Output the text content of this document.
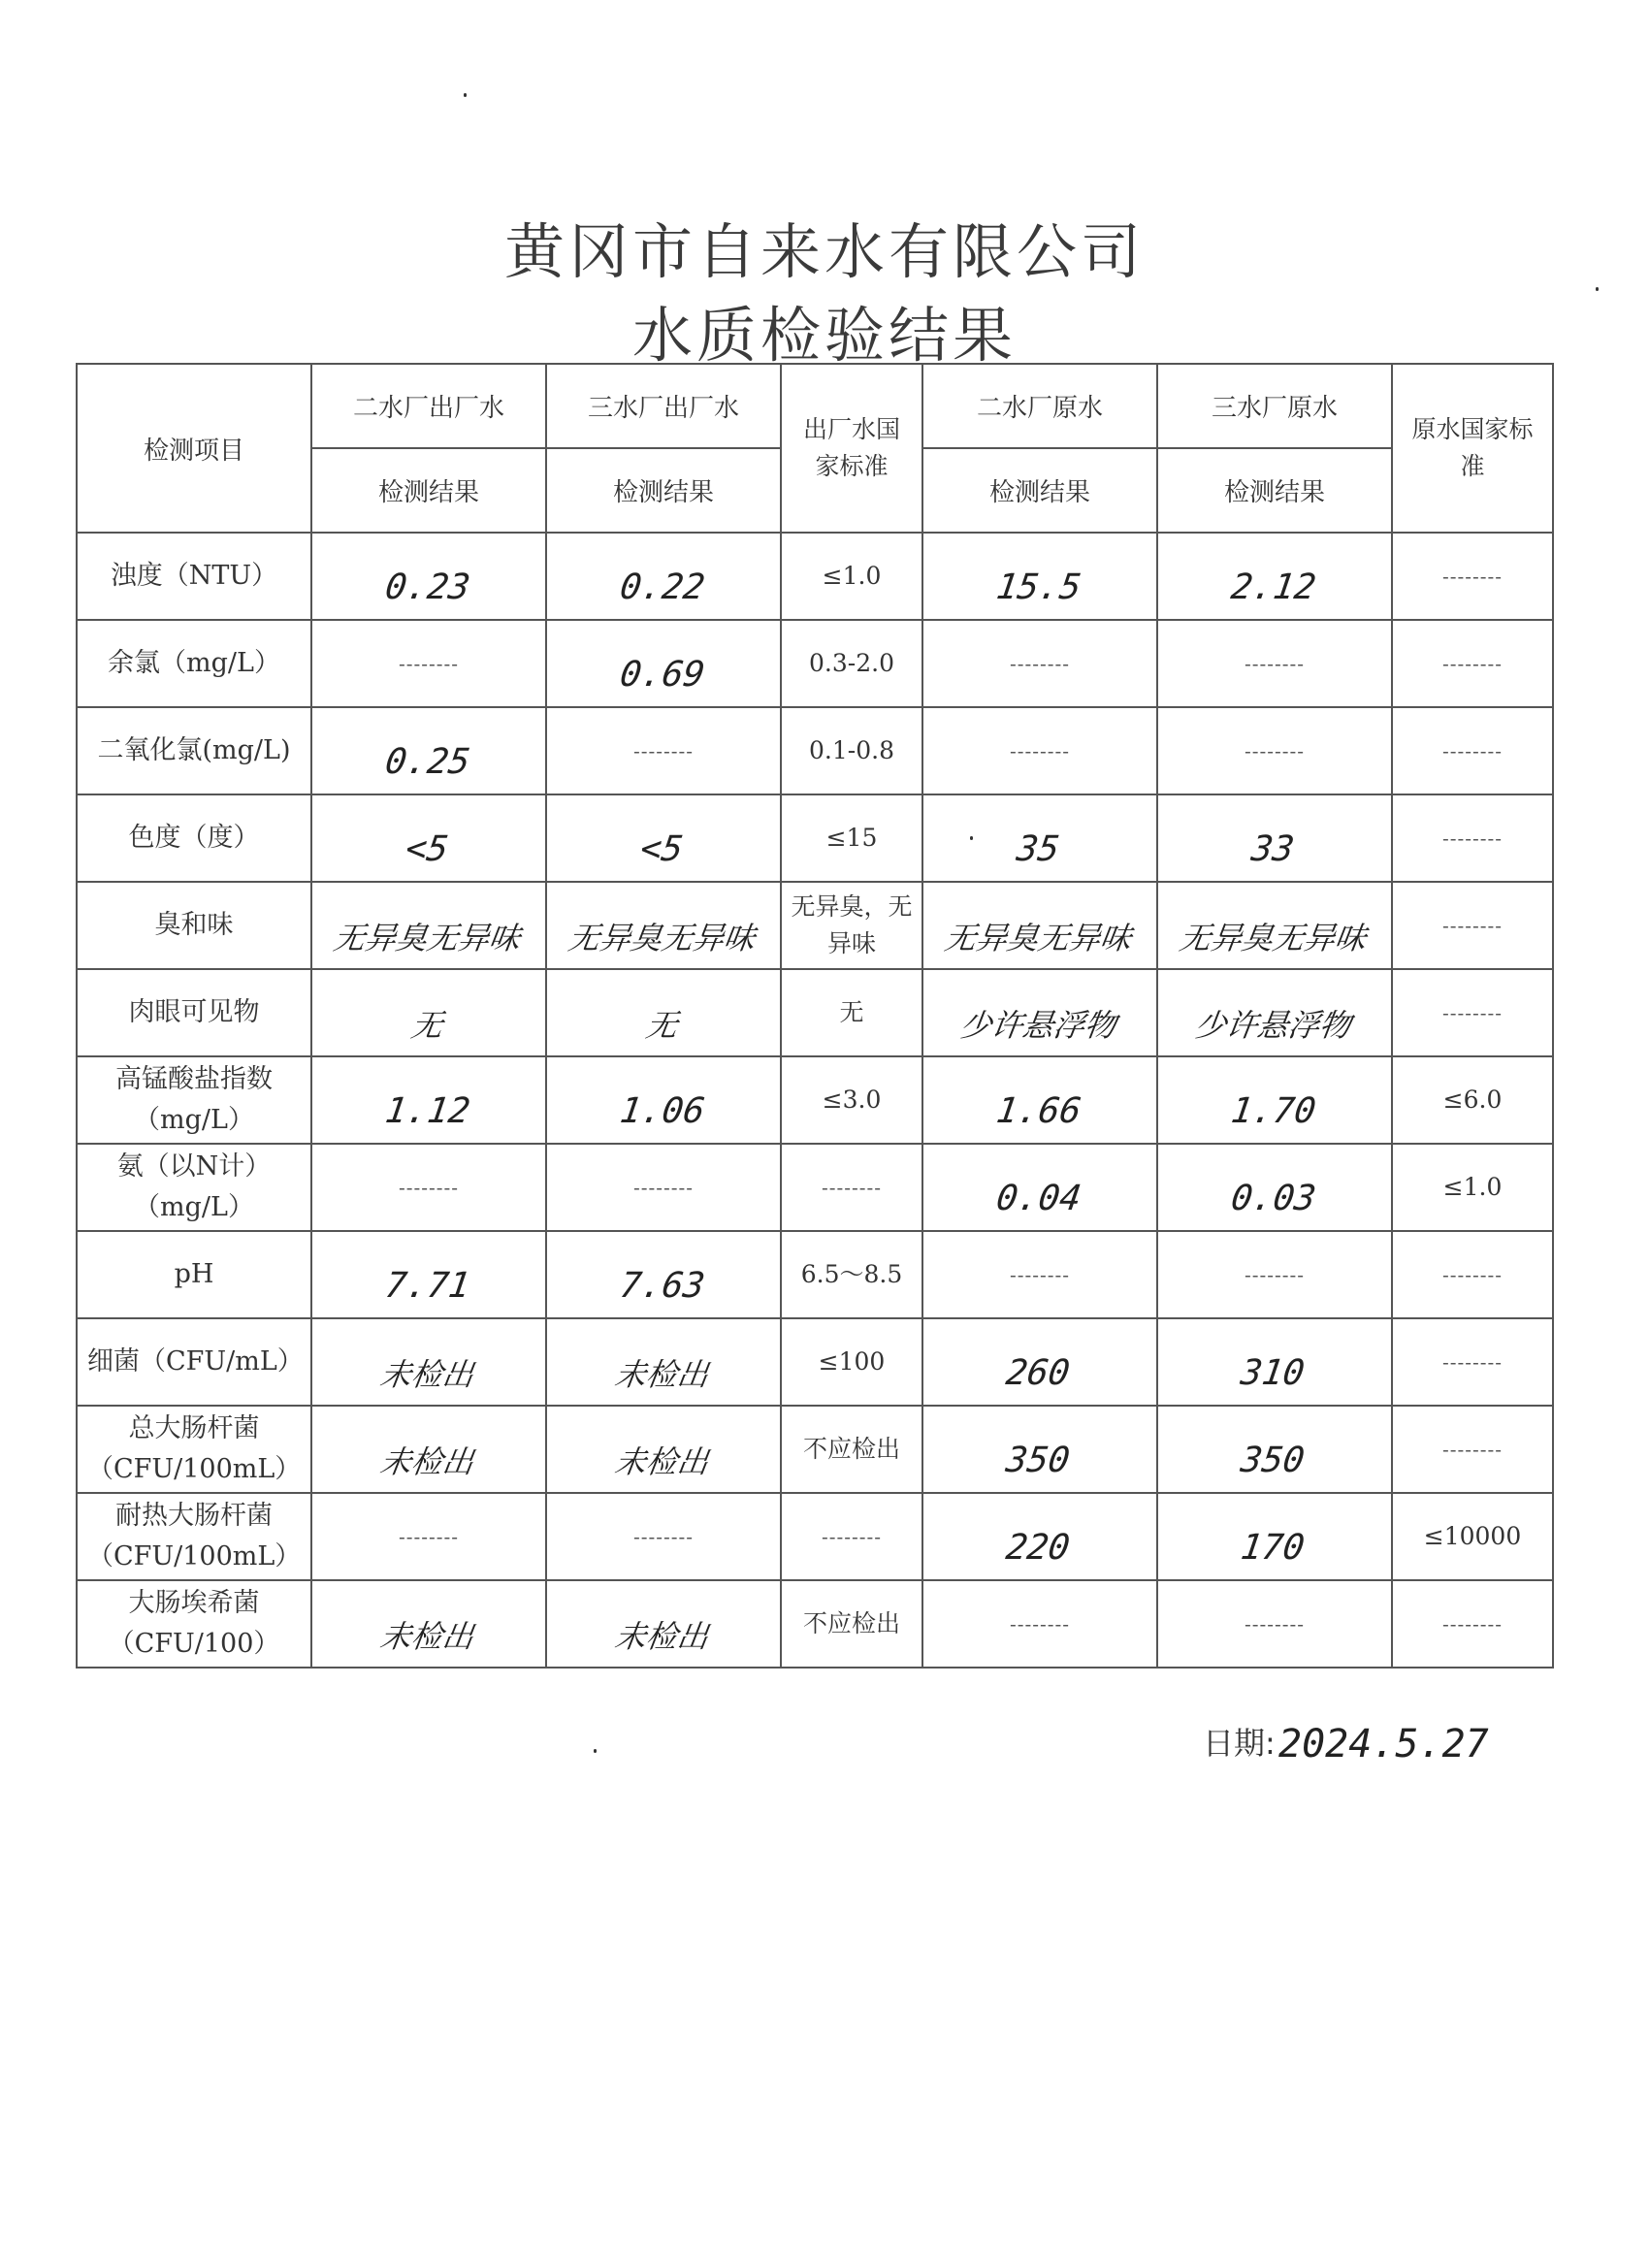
黄冈市自来水有限公司
水质检验结果
检测项目	二水厂出厂水	三水厂出厂水	出厂水国家标准	二水厂原水	三水厂原水	原水国家标准
	检测结果	检测结果		检测结果	检测结果	
浊度（NTU）	0.23	0.22	≤1.0	15.5	2.12	--------
余氯（mg/L）	--------	0.69	0.3-2.0	--------	--------	--------
二氧化氯(mg/L)	0.25	--------	0.1-0.8	--------	--------	--------
色度（度）	<5	<5	≤15	35	33	--------
臭和味	无异臭无异味	无异臭无异味	无异臭，无异味	无异臭无异味	无异臭无异味	--------
肉眼可见物	无	无	无	少许悬浮物	少许悬浮物	--------
高锰酸盐指数（mg/L）	1.12	1.06	≤3.0	1.66	1.70	≤6.0
氨（以N计）（mg/L）	--------	--------	--------	0.04	0.03	≤1.0
pH	7.71	7.63	6.5～8.5	--------	--------	--------
细菌（CFU/mL）	未检出	未检出	≤100	260	310	--------
总大肠杆菌（CFU/100mL）	未检出	未检出	不应检出	350	350	--------
耐热大肠杆菌（CFU/100mL）	--------	--------	--------	220	170	≤10000
大肠埃希菌（CFU/100）	未检出	未检出	不应检出	--------	--------	--------
日期: 2024.5.27
